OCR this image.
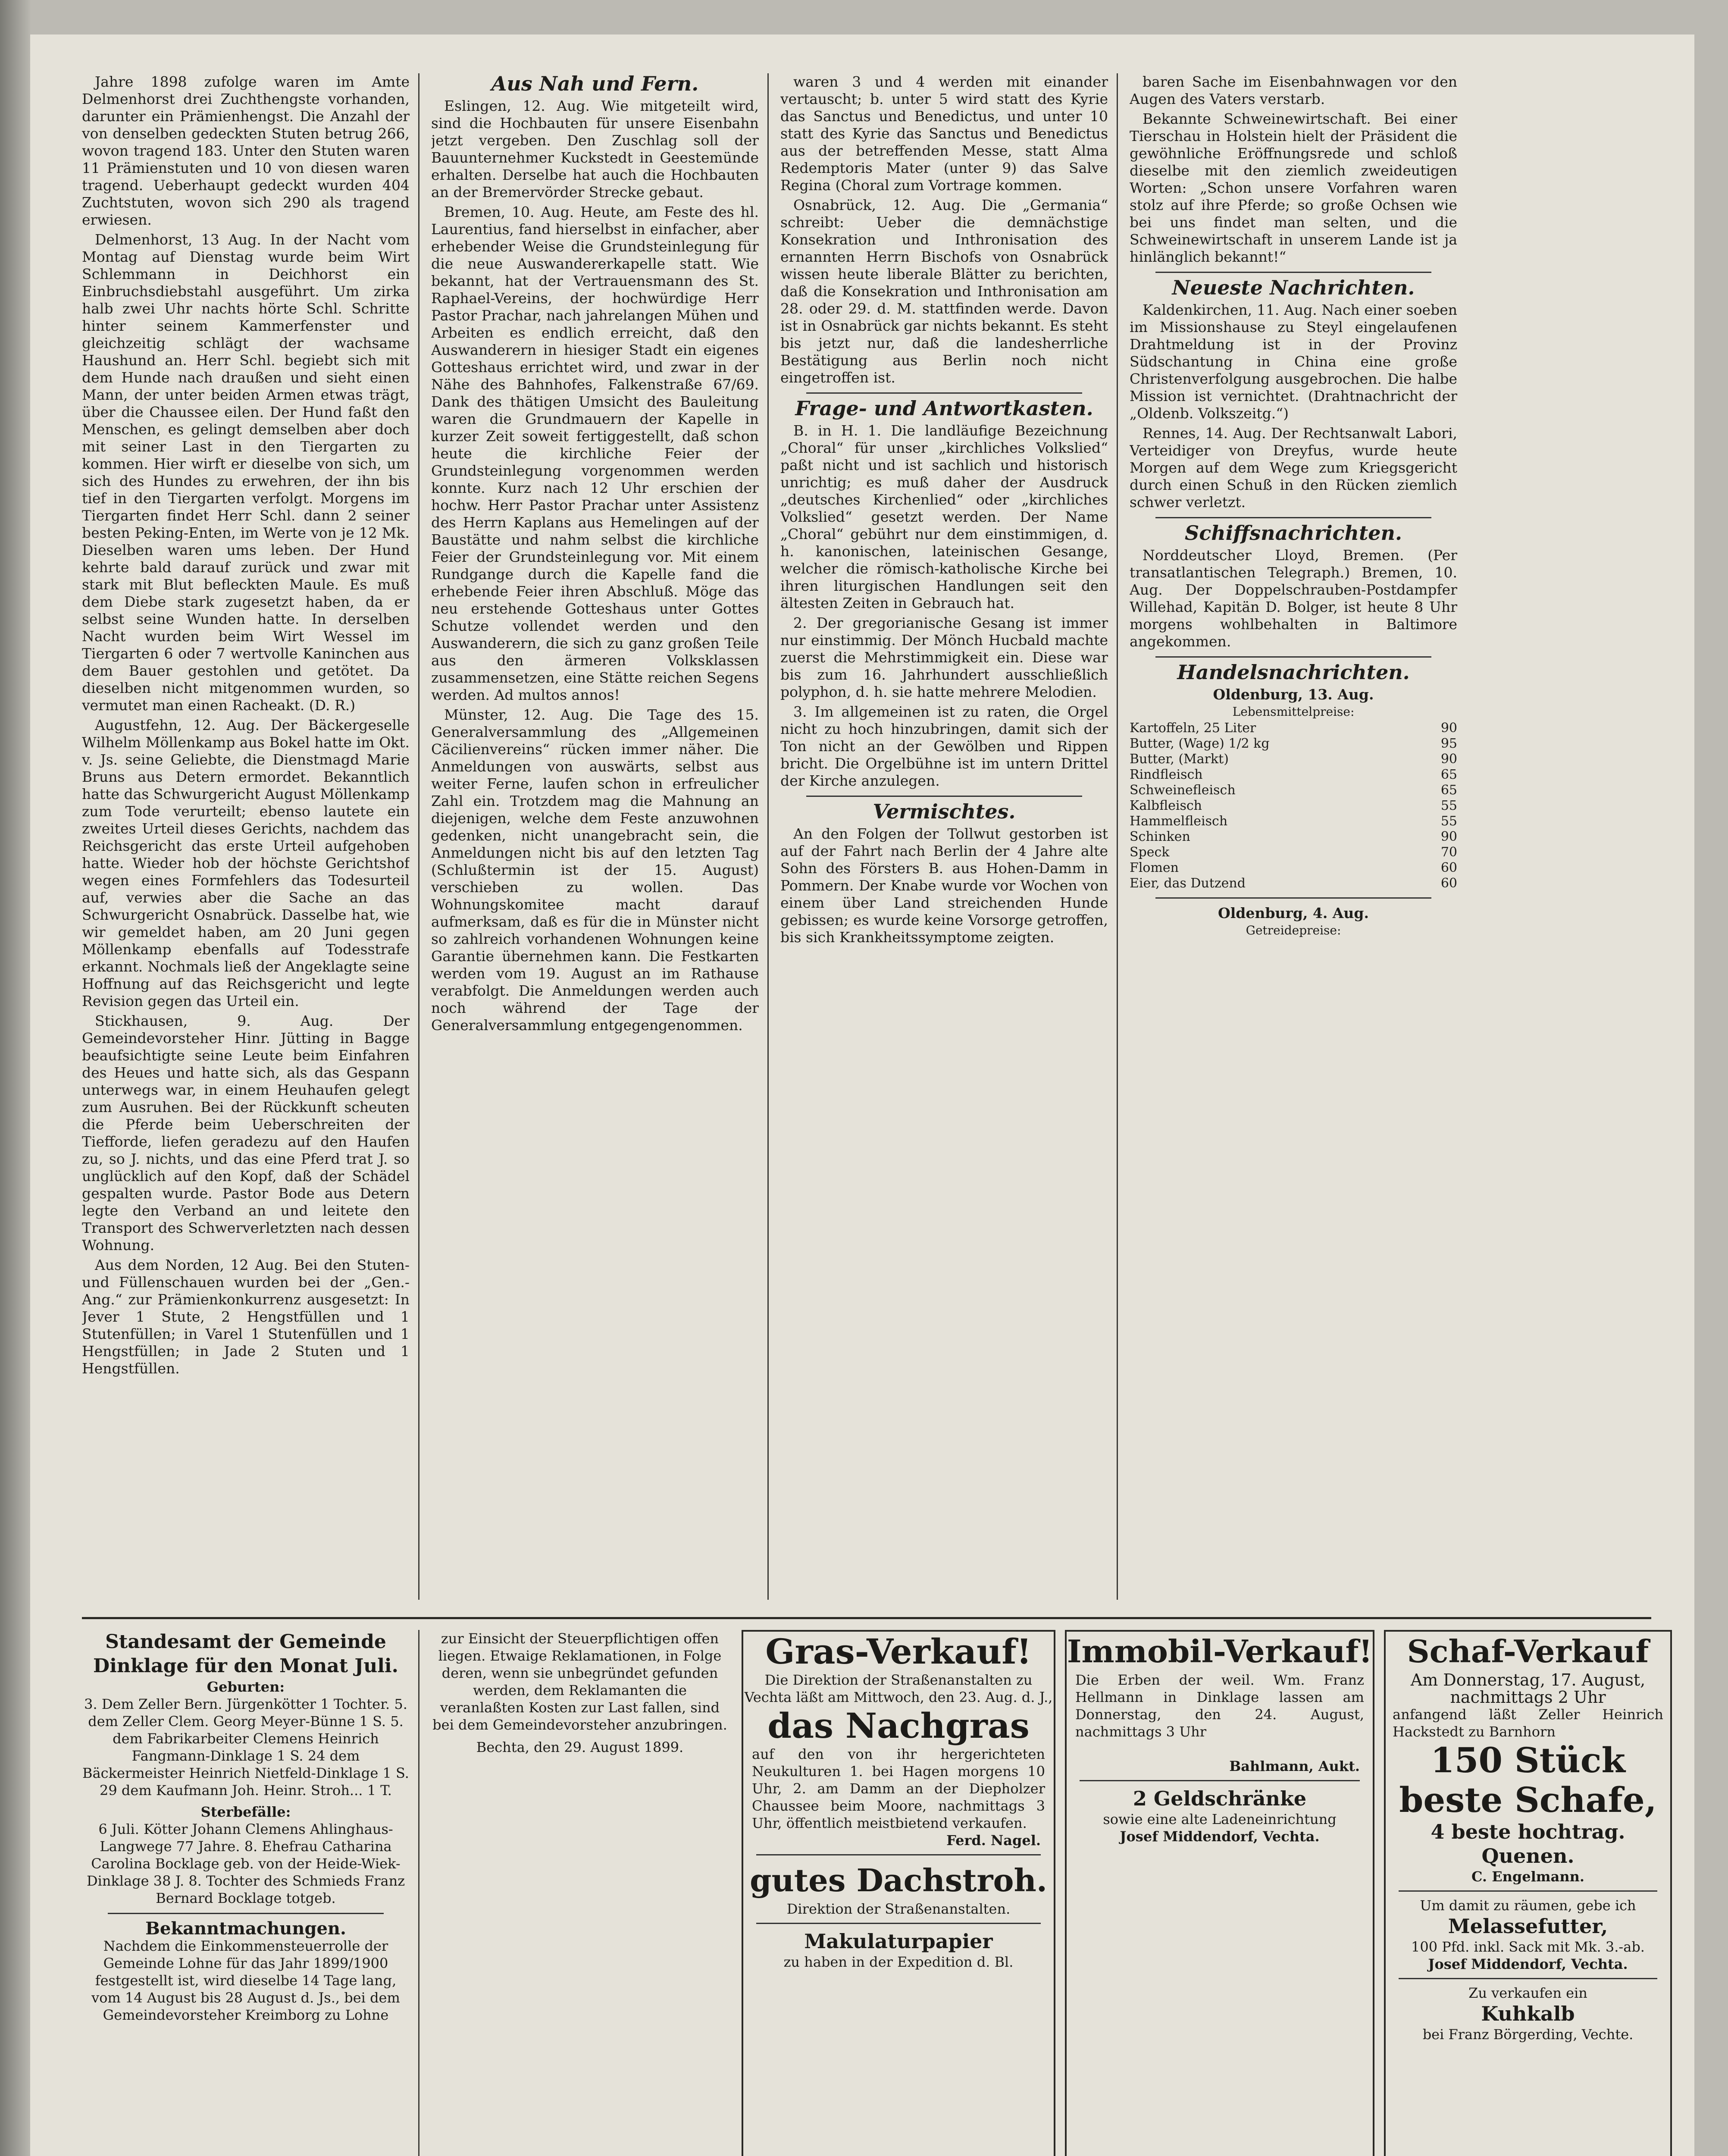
Jahre 1898 zufolge waren im Amte Delmenhorst drei Zuchthengste vorhanden, darunter ein Prämienhengst. Die Anzahl der von denselben gedeckten Stuten betrug 266, wovon tragend 183. Unter den Stuten waren 11 Prämienstuten und 10 von diesen waren tragend. Ueberhaupt gedeckt wurden 404 Zuchtstuten, wovon sich 290 als tragend erwiesen.

Delmenhorst, 13 Aug. In der Nacht vom Montag auf Dienstag wurde beim Wirt Schlemmann in Deichhorst ein Einbruchsdiebstahl ausgeführt. Um zirka halb zwei Uhr nachts hörte Schl. Schritte hinter seinem Kammerfenster und gleichzeitig schlägt der wachsame Haushund an. Herr Schl. begiebt sich mit dem Hunde nach draußen und sieht einen Mann, der unter beiden Armen etwas trägt, über die Chaussee eilen. Der Hund faßt den Menschen, es gelingt demselben aber doch mit seiner Last in den Tiergarten zu kommen. Hier wirft er dieselbe von sich, um sich des Hundes zu erwehren, der ihn bis tief in den Tiergarten verfolgt. Morgens im Tiergarten findet Herr Schl. dann 2 seiner besten Peking-Enten, im Werte von je 12 Mk. Dieselben waren ums leben. Der Hund kehrte bald darauf zurück und zwar mit stark mit Blut befleckten Maule. Es muß dem Diebe stark zugesetzt haben, da er selbst seine Wunden hatte. In derselben Nacht wurden beim Wirt Wessel im Tiergarten 6 oder 7 wertvolle Kaninchen aus dem Bauer gestohlen und getötet. Da dieselben nicht mitgenommen wurden, so vermutet man einen Racheakt. (D. R.)

Augustfehn, 12. Aug. Der Bäckergeselle Wilhelm Möllenkamp aus Bokel hatte im Okt. v. Js. seine Geliebte, die Dienstmagd Marie Bruns aus Detern ermordet. Bekanntlich hatte das Schwurgericht August Möllenkamp zum Tode verurteilt; ebenso lautete ein zweites Urteil dieses Gerichts, nachdem das Reichsgericht das erste Urteil aufgehoben hatte. Wieder hob der höchste Gerichtshof wegen eines Formfehlers das Todesurteil auf, verwies aber die Sache an das Schwurgericht Osnabrück. Dasselbe hat, wie wir gemeldet haben, am 20 Juni gegen Möllenkamp ebenfalls auf Todesstrafe erkannt. Nochmals ließ der Angeklagte seine Hoffnung auf das Reichsgericht und legte Revision gegen das Urteil ein.

Stickhausen, 9. Aug. Der Gemeindevorsteher Hinr. Jütting in Bagge beaufsichtigte seine Leute beim Einfahren des Heues und hatte sich, als das Gespann unterwegs war, in einem Heuhaufen gelegt zum Ausruhen. Bei der Rückkunft scheuten die Pferde beim Ueberschreiten der Tiefforde, liefen geradezu auf den Haufen zu, so J. nichts, und das eine Pferd trat J. so unglücklich auf den Kopf, daß der Schädel gespalten wurde. Pastor Bode aus Detern legte den Verband an und leitete den Transport des Schwerverletzten nach dessen Wohnung.

Aus dem Norden, 12 Aug. Bei den Stuten- und Füllenschauen wurden bei der „Gen.-Ang.“ zur Prämienkonkurrenz ausgesetzt: In Jever 1 Stute, 2 Hengstfüllen und 1 Stutenfüllen; in Varel 1 Stutenfüllen und 1 Hengstfüllen; in Jade 2 Stuten und 1 Hengstfüllen.

Aus Nah und Fern.

Eslingen, 12. Aug. Wie mitgeteilt wird, sind die Hochbauten für unsere Eisenbahn jetzt vergeben. Den Zuschlag soll der Bauunternehmer Kuckstedt in Geestemünde erhalten. Derselbe hat auch die Hochbauten an der Bremervörder Strecke gebaut.

Bremen, 10. Aug. Heute, am Feste des hl. Laurentius, fand hierselbst in einfacher, aber erhebender Weise die Grundsteinlegung für die neue Auswandererkapelle statt. Wie bekannt, hat der Vertrauensmann des St. Raphael-Vereins, der hochwürdige Herr Pastor Prachar, nach jahrelangen Mühen und Arbeiten es endlich erreicht, daß den Auswanderern in hiesiger Stadt ein eigenes Gotteshaus errichtet wird, und zwar in der Nähe des Bahnhofes, Falkenstraße 67/69. Dank des thätigen Umsicht des Bauleitung waren die Grundmauern der Kapelle in kurzer Zeit soweit fertiggestellt, daß schon heute die kirchliche Feier der Grundsteinlegung vorgenommen werden konnte. Kurz nach 12 Uhr erschien der hochw. Herr Pastor Prachar unter Assistenz des Herrn Kaplans aus Hemelingen auf der Baustätte und nahm selbst die kirchliche Feier der Grundsteinlegung vor. Mit einem Rundgange durch die Kapelle fand die erhebende Feier ihren Abschluß. Möge das neu erstehende Gotteshaus unter Gottes Schutze vollendet werden und den Auswanderern, die sich zu ganz großen Teile aus den ärmeren Volksklassen zusammensetzen, eine Stätte reichen Segens werden. Ad multos annos!

Münster, 12. Aug. Die Tage des 15. Generalversammlung des „Allgemeinen Cäcilienvereins“ rücken immer näher. Die Anmeldungen von auswärts, selbst aus weiter Ferne, laufen schon in erfreulicher Zahl ein. Trotzdem mag die Mahnung an diejenigen, welche dem Feste anzuwohnen gedenken, nicht unangebracht sein, die Anmeldungen nicht bis auf den letzten Tag (Schlußtermin ist der 15. August) verschieben zu wollen. Das Wohnungskomitee macht darauf aufmerksam, daß es für die in Münster nicht so zahlreich vorhandenen Wohnungen keine Garantie übernehmen kann. Die Festkarten werden vom 19. August an im Rathause verabfolgt. Die Anmeldungen werden auch noch während der Tage der Generalversammlung entgegengenommen.

waren 3 und 4 werden mit einander vertauscht; b. unter 5 wird statt des Kyrie das Sanctus und Benedictus, und unter 10 statt des Kyrie das Sanctus und Benedictus aus der betreffenden Messe, statt Alma Redemptoris Mater (unter 9) das Salve Regina (Choral zum Vortrage kommen.

Osnabrück, 12. Aug. Die „Germania“ schreibt: Ueber die demnächstige Konsekration und Inthronisation des ernannten Herrn Bischofs von Osnabrück wissen heute liberale Blätter zu berichten, daß die Konsekration und Inthronisation am 28. oder 29. d. M. stattfinden werde. Davon ist in Osnabrück gar nichts bekannt. Es steht bis jetzt nur, daß die landesherrliche Bestätigung aus Berlin noch nicht eingetroffen ist.

Frage- und Antwortkasten.

B. in H. 1. Die landläufige Bezeichnung „Choral“ für unser „kirchliches Volkslied“ paßt nicht und ist sachlich und historisch unrichtig; es muß daher der Ausdruck „deutsches Kirchenlied“ oder „kirchliches Volkslied“ gesetzt werden. Der Name „Choral“ gebührt nur dem einstimmigen, d. h. kanonischen, lateinischen Gesange, welcher die römisch-katholische Kirche bei ihren liturgischen Handlungen seit den ältesten Zeiten in Gebrauch hat.

2. Der gregorianische Gesang ist immer nur einstimmig. Der Mönch Hucbald machte zuerst die Mehrstimmigkeit ein. Diese war bis zum 16. Jahrhundert ausschließlich polyphon, d. h. sie hatte mehrere Melodien.

3. Im allgemeinen ist zu raten, die Orgel nicht zu hoch hinzubringen, damit sich der Ton nicht an der Gewölben und Rippen bricht. Die Orgelbühne ist im untern Drittel der Kirche anzulegen.

Vermischtes.

An den Folgen der Tollwut gestorben ist auf der Fahrt nach Berlin der 4 Jahre alte Sohn des Försters B. aus Hohen-Damm in Pommern. Der Knabe wurde vor Wochen von einem über Land streichenden Hunde gebissen; es wurde keine Vorsorge getroffen, bis sich Krankheitssymptome zeigten.

baren Sache im Eisenbahnwagen vor den Augen des Vaters verstarb.

Bekannte Schweinewirtschaft. Bei einer Tierschau in Holstein hielt der Präsident die gewöhnliche Eröffnungsrede und schloß dieselbe mit den ziemlich zweideutigen Worten: „Schon unsere Vorfahren waren stolz auf ihre Pferde; so große Ochsen wie bei uns findet man selten, und die Schweinewirtschaft in unserem Lande ist ja hinlänglich bekannt!“

Neueste Nachrichten.

Kaldenkirchen, 11. Aug. Nach einer soeben im Missionshause zu Steyl eingelaufenen Drahtmeldung ist in der Provinz Südschantung in China eine große Christenverfolgung ausgebrochen. Die halbe Mission ist vernichtet. (Drahtnachricht der „Oldenb. Volkszeitg.“)

Rennes, 14. Aug. Der Rechtsanwalt Labori, Verteidiger von Dreyfus, wurde heute Morgen auf dem Wege zum Kriegsgericht durch einen Schuß in den Rücken ziemlich schwer verletzt.

Schiffsnachrichten.

Norddeutscher Lloyd, Bremen. (Per transatlantischen Telegraph.) Bremen, 10. Aug. Der Doppelschrauben-Postdampfer Willehad, Kapitän D. Bolger, ist heute 8 Uhr morgens wohlbehalten in Baltimore angekommen.

Handelsnachrichten.
Oldenburg, 13. Aug.
Lebensmittelpreise:
Kartoffeln, 25 Liter	90
Butter, (Wage) 1/2 kg	95
Butter, (Markt)	90
Rindfleisch	65
Schweinefleisch	65
Kalbfleisch	55
Hammelfleisch	55
Schinken	90
Speck	70
Flomen	60
Eier, das Dutzend	60
Oldenburg, 4. Aug.
Getreidepreise:
Standesamt der Gemeinde Dinklage für den Monat Juli.
Geburten:
3. Dem Zeller Bern. Jürgenkötter 1 Tochter. 5. dem Zeller Clem. Georg Meyer-Bünne 1 S. 5. dem Fabrikarbeiter Clemens Heinrich Fangmann-Dinklage 1 S. 24 dem Bäckermeister Heinrich Nietfeld-Dinklage 1 S. 29 dem Kaufmann Joh. Heinr. Stroh... 1 T.
Sterbefälle:
6 Juli. Kötter Johann Clemens Ahlinghaus-Langwege 77 Jahre. 8. Ehefrau Catharina Carolina Bocklage geb. von der Heide-Wiek-Dinklage 38 J. 8. Tochter des Schmieds Franz Bernard Bocklage totgeb.
Bekanntmachungen.
Nachdem die Einkommensteuerrolle der Gemeinde Lohne für das Jahr 1899/1900 festgestellt ist, wird dieselbe 14 Tage lang, vom 14 August bis 28 August d. Js., bei dem Gemeindevorsteher Kreimborg zu Lohne
zur Einsicht der Steuerpflichtigen offen liegen. Etwaige Reklamationen, in Folge deren, wenn sie unbegründet gefunden werden, dem Reklamanten die veranlaßten Kosten zur Last fallen, sind bei dem Gemeindevorsteher anzubringen.
Bechta, den 29. August 1899.
Gras-Verkauf!
Die Direktion der Straßenanstalten zu Vechta läßt am Mittwoch, den 23. Aug. d. J.,
das Nachgras
auf den von ihr hergerichteten Neukulturen 1. bei Hagen morgens 10 Uhr, 2. am Damm an der Diepholzer Chaussee beim Moore, nachmittags 3 Uhr, öffentlich meistbietend verkaufen.
Ferd. Nagel.
gutes Dachstroh.
Direktion der Straßenanstalten.
Makulaturpapier
zu haben in der Expedition d. Bl.
Immobil-Verkauf!
Die Erben der weil. Wm. Franz Hellmann in Dinklage lassen am Donnerstag, den 24. August, nachmittags 3 Uhr
Bahlmann, Aukt.
2 Geldschränke
sowie eine alte Ladeneinrichtung
Josef Middendorf, Vechta.
Schaf-Verkauf
Am Donnerstag, 17. August,
nachmittags 2 Uhr
anfangend läßt Zeller Heinrich Hackstedt zu Barnhorn
150 Stück
beste Schafe,
4 beste hochtrag.
Quenen.
C. Engelmann.
Um damit zu räumen, gebe ich
Melassefutter,
100 Pfd. inkl. Sack mit Mk. 3.-ab.
Josef Middendorf, Vechta.
Zu verkaufen ein
Kuhkalb
bei Franz Börgerding, Vechte.
